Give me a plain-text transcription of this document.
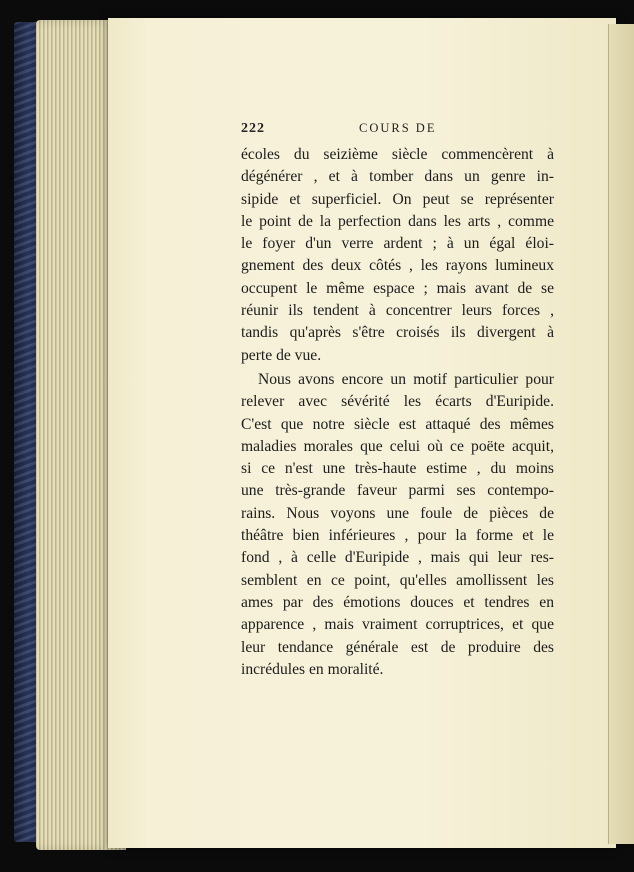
222	COURS DE
écoles du seizième siècle commencèrent à
dégénérer , et à tomber dans un genre in-
sipide et superficiel. On peut se représenter
le point de la perfection dans les arts , comme
le foyer d'un verre ardent ; à un égal éloi-
gnement des deux côtés , les rayons lumineux
occupent le même espace ; mais avant de se
réunir ils tendent à concentrer leurs forces ,
tandis qu'après s'être croisés ils divergent à
perte de vue.
Nous avons encore un motif particulier pour
relever avec sévérité les écarts d'Euripide.
C'est que notre siècle est attaqué des mêmes
maladies morales que celui où ce poëte acquit,
si ce n'est une très-haute estime , du moins
une très-grande faveur parmi ses contempo-
rains. Nous voyons une foule de pièces de
théâtre bien inférieures , pour la forme et le
fond , à celle d'Euripide , mais qui leur res-
semblent en ce point, qu'elles amollissent les
ames par des émotions douces et tendres en
apparence , mais vraiment corruptrices, et que
leur tendance générale est de produire des
incrédules en moralité.
